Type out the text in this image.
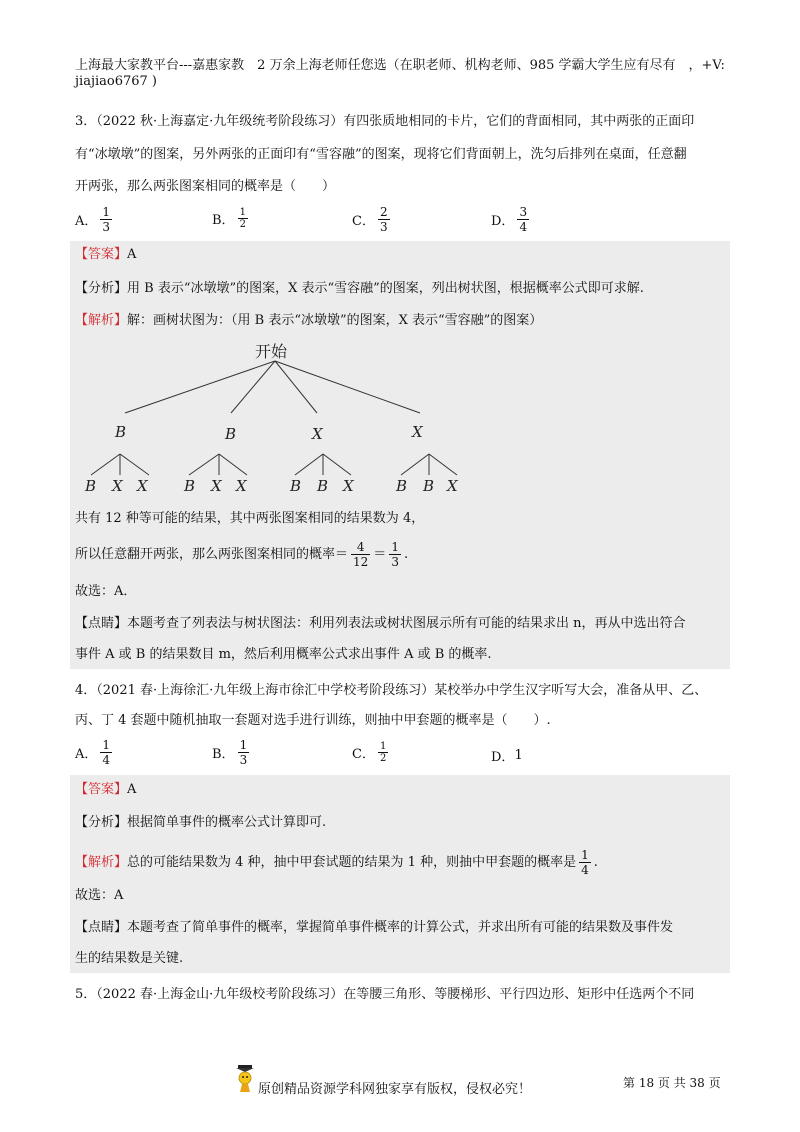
上海最大家教平台---嘉惠家教　2 万余上海老师任您选（在职老师、机构老师、985 学霸大学生应有尽有　，+V:
jiajiao6767 )
3．（2022 秋·上海嘉定·九年级统考阶段练习）有四张质地相同的卡片，它们的背面相同，其中两张的正面印
有“冰墩墩”的图案，另外两张的正面印有“雪容融”的图案，现将它们背面朝上，洗匀后排列在桌面，任意翻
开两张，那么两张图案相同的概率是（　　）
A． $\frac{1}{3}$	B． $\frac{1}{2}$	C． $\frac{2}{3}$	D． $\frac{3}{4}$
【答案】A
【分析】用 B 表示“冰墩墩”的图案，X 表示“雪容融”的图案，列出树状图，根据概率公式即可求解.
【解析】解：画树状图为：（用 B 表示“冰墩墩”的图案，X 表示“雪容融”的图案）
开始
B	B	X	X
B X X B X X	B B X	B B X
共有 12 种等可能的结果，其中两张图案相同的结果数为 4，
所以任意翻开两张，那么两张图案相同的概率＝ $\frac{4}{12} = \frac{1}{3}$ .
故选：A．
【点睛】本题考查了列表法与树状图法：利用列表法或树状图展示所有可能的结果求出 n，再从中选出符合
事件 A 或 B 的结果数目 m，然后利用概率公式求出事件 A 或 B 的概率.
4．（2021 春·上海徐汇·九年级上海市徐汇中学校考阶段练习）某校举办中学生汉字听写大会，准备从甲、乙、
丙、丁 4 套题中随机抽取一套题对选手进行训练，则抽中甲套题的概率是（　　）.
A． $\frac{1}{4}$	B． $\frac{1}{3}$	C． $\frac{1}{2}$	D．1
【答案】A
【分析】根据简单事件的概率公式计算即可.
【解析】总的可能结果数为 4 种，抽中甲套试题的结果为 1 种，则抽中甲套题的概率是 $\frac{1}{4}$ .
故选：A
【点睛】本题考查了简单事件的概率，掌握简单事件概率的计算公式，并求出所有可能的结果数及事件发
生的结果数是关键.
5．（2022 春·上海金山·九年级校考阶段练习）在等腰三角形、等腰梯形、平行四边形、矩形中任选两个不同
原创精品资源学科网独家享有版权，侵权必究！	第 18 页 共 38 页
